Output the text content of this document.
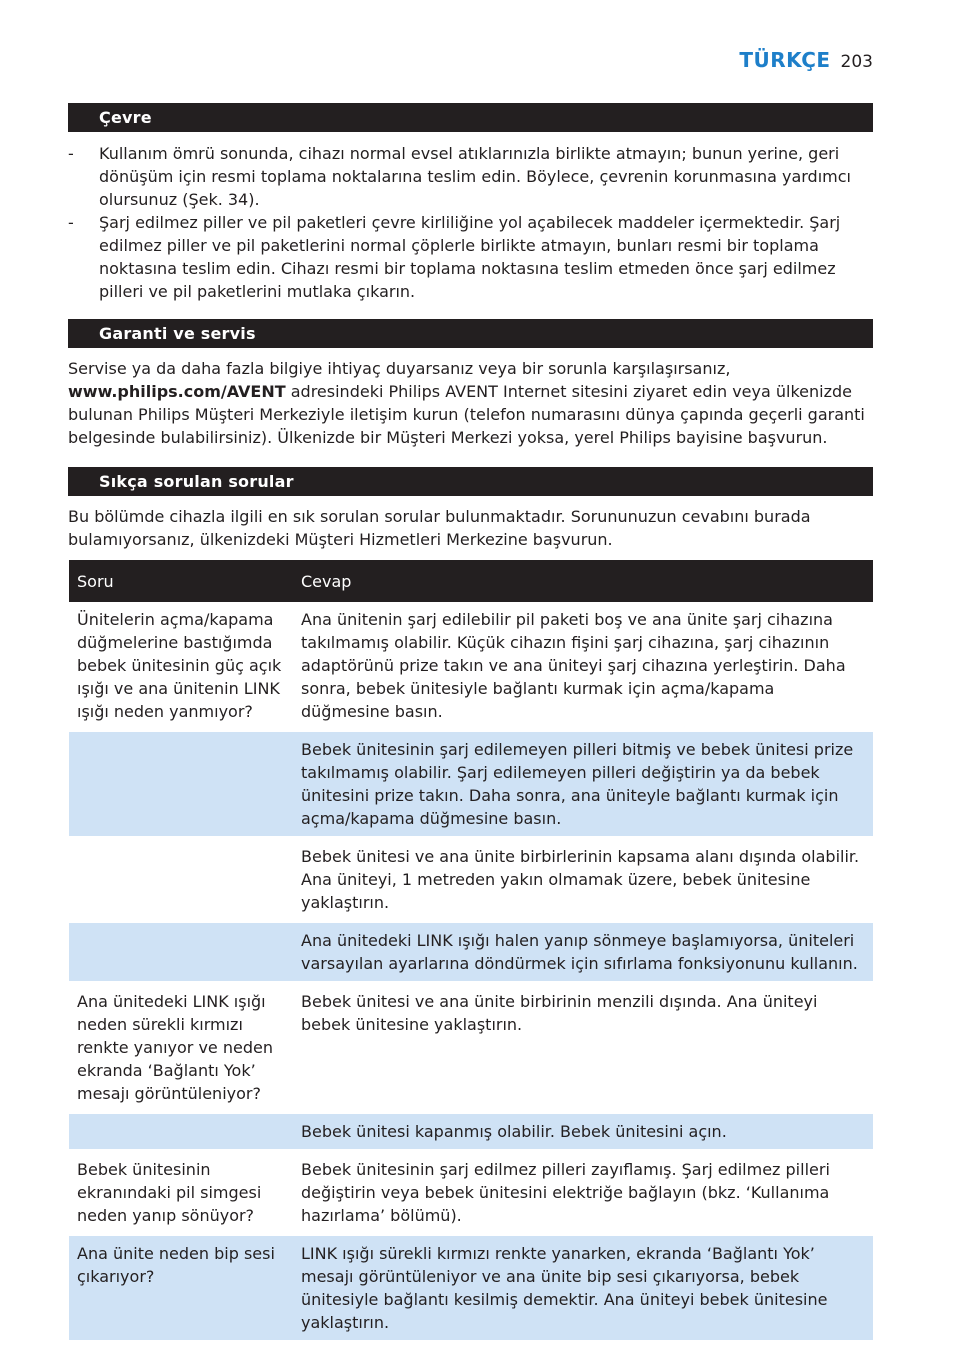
TÜRKÇE 203
Çevre
- Kullanım ömrü sonunda, cihazı normal evsel atıklarınızla birlikte atmayın; bunun yerine, geri dönüşüm için resmi toplama noktalarına teslim edin. Böylece, çevrenin korunmasına yardımcı olursunuz (Şek. 34).
- Şarj edilmez piller ve pil paketleri çevre kirliliğine yol açabilecek maddeler içermektedir. Şarj edilmez piller ve pil paketlerini normal çöplerle birlikte atmayın, bunları resmi bir toplama noktasına teslim edin. Cihazı resmi bir toplama noktasına teslim etmeden önce şarj edilmez pilleri ve pil paketlerini mutlaka çıkarın.
Garanti ve servis
Servise ya da daha fazla bilgiye ihtiyaç duyarsanız veya bir sorunla karşılaşırsanız,
www.philips.com/AVENT adresindeki Philips AVENT Internet sitesini ziyaret edin veya ülkenizde bulunan Philips Müşteri Merkeziyle iletişim kurun (telefon numarasını dünya çapında geçerli garanti belgesinde bulabilirsiniz). Ülkenizde bir Müşteri Merkezi yoksa, yerel Philips bayisine başvurun.
Sıkça sorulan sorular
Bu bölümde cihazla ilgili en sık sorulan sorular bulunmaktadır. Sorununuzun cevabını burada bulamıyorsanız, ülkenizdeki Müşteri Hizmetleri Merkezine başvurun.
Soru	Cevap
Ünitelerin açma/kapama düğmelerine bastığımda bebek ünitesinin güç açık ışığı ve ana ünitenin LINK ışığı neden yanmıyor?	Ana ünitenin şarj edilebilir pil paketi boş ve ana ünite şarj cihazına takılmamış olabilir. Küçük cihazın fişini şarj cihazına, şarj cihazının adaptörünü prize takın ve ana üniteyi şarj cihazına yerleştirin. Daha sonra, bebek ünitesiyle bağlantı kurmak için açma/kapama düğmesine basın.
	Bebek ünitesinin şarj edilemeyen pilleri bitmiş ve bebek ünitesi prize takılmamış olabilir. Şarj edilemeyen pilleri değiştirin ya da bebek ünitesini prize takın. Daha sonra, ana üniteyle bağlantı kurmak için açma/kapama düğmesine basın.
	Bebek ünitesi ve ana ünite birbirlerinin kapsama alanı dışında olabilir. Ana üniteyi, 1 metreden yakın olmamak üzere, bebek ünitesine yaklaştırın.
	Ana ünitedeki LINK ışığı halen yanıp sönmeye başlamıyorsa, üniteleri varsayılan ayarlarına döndürmek için sıfırlama fonksiyonunu kullanın.
Ana ünitedeki LINK ışığı neden sürekli kırmızı renkte yanıyor ve neden ekranda ‘Bağlantı Yok’ mesajı görüntüleniyor?	Bebek ünitesi ve ana ünite birbirinin menzili dışında. Ana üniteyi bebek ünitesine yaklaştırın.
	Bebek ünitesi kapanmış olabilir. Bebek ünitesini açın.
Bebek ünitesinin ekranındaki pil simgesi neden yanıp sönüyor?	Bebek ünitesinin şarj edilmez pilleri zayıflamış. Şarj edilmez pilleri değiştirin veya bebek ünitesini elektriğe bağlayın (bkz. ‘Kullanıma hazırlama’ bölümü).
Ana ünite neden bip sesi çıkarıyor?	LINK ışığı sürekli kırmızı renkte yanarken, ekranda ‘Bağlantı Yok’ mesajı görüntüleniyor ve ana ünite bip sesi çıkarıyorsa, bebek ünitesiyle bağlantı kesilmiş demektir. Ana üniteyi bebek ünitesine yaklaştırın.
